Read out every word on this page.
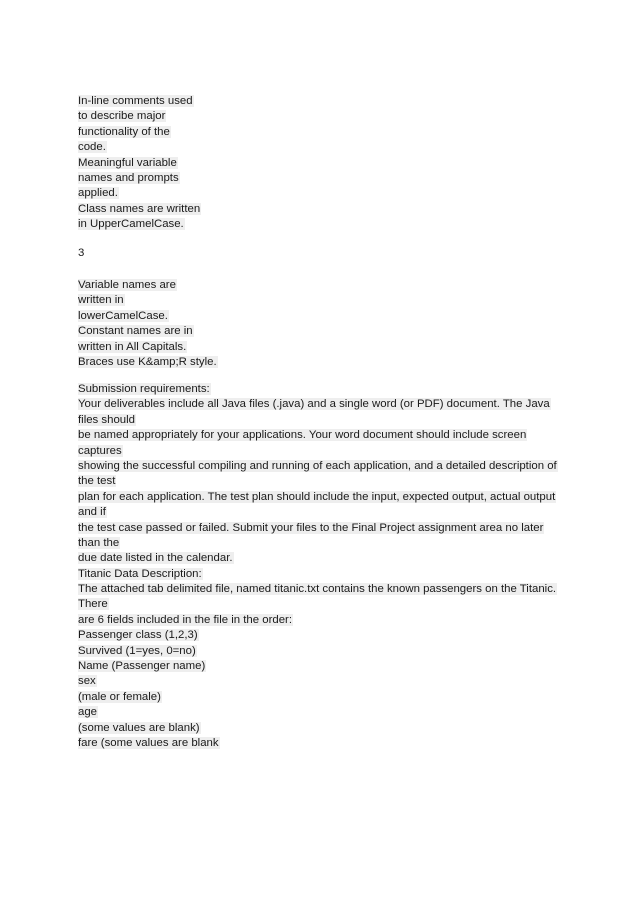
In-line comments used
to describe major
functionality of the
code.
Meaningful variable
names and prompts
applied.
Class names are written
in UpperCamelCase.
3
Variable names are
written in
lowerCamelCase.
Constant names are in
written in All Capitals.
Braces use K&amp;R style.
Submission requirements:
Your deliverables include all Java files (.java) and a single word (or PDF) document. The Java
files should
be named appropriately for your applications. Your word document should include screen
captures
showing the successful compiling and running of each application, and a detailed description of
the test
plan for each application. The test plan should include the input, expected output, actual output
and if
the test case passed or failed. Submit your files to the Final Project assignment area no later
than the
due date listed in the calendar.
Titanic Data Description:
The attached tab delimited file, named titanic.txt contains the known passengers on the Titanic.
There
are 6 fields included in the file in the order:
Passenger class (1,2,3)
Survived (1=yes, 0=no)
Name (Passenger name)
sex
(male or female)
age
(some values are blank)
fare (some values are blank
